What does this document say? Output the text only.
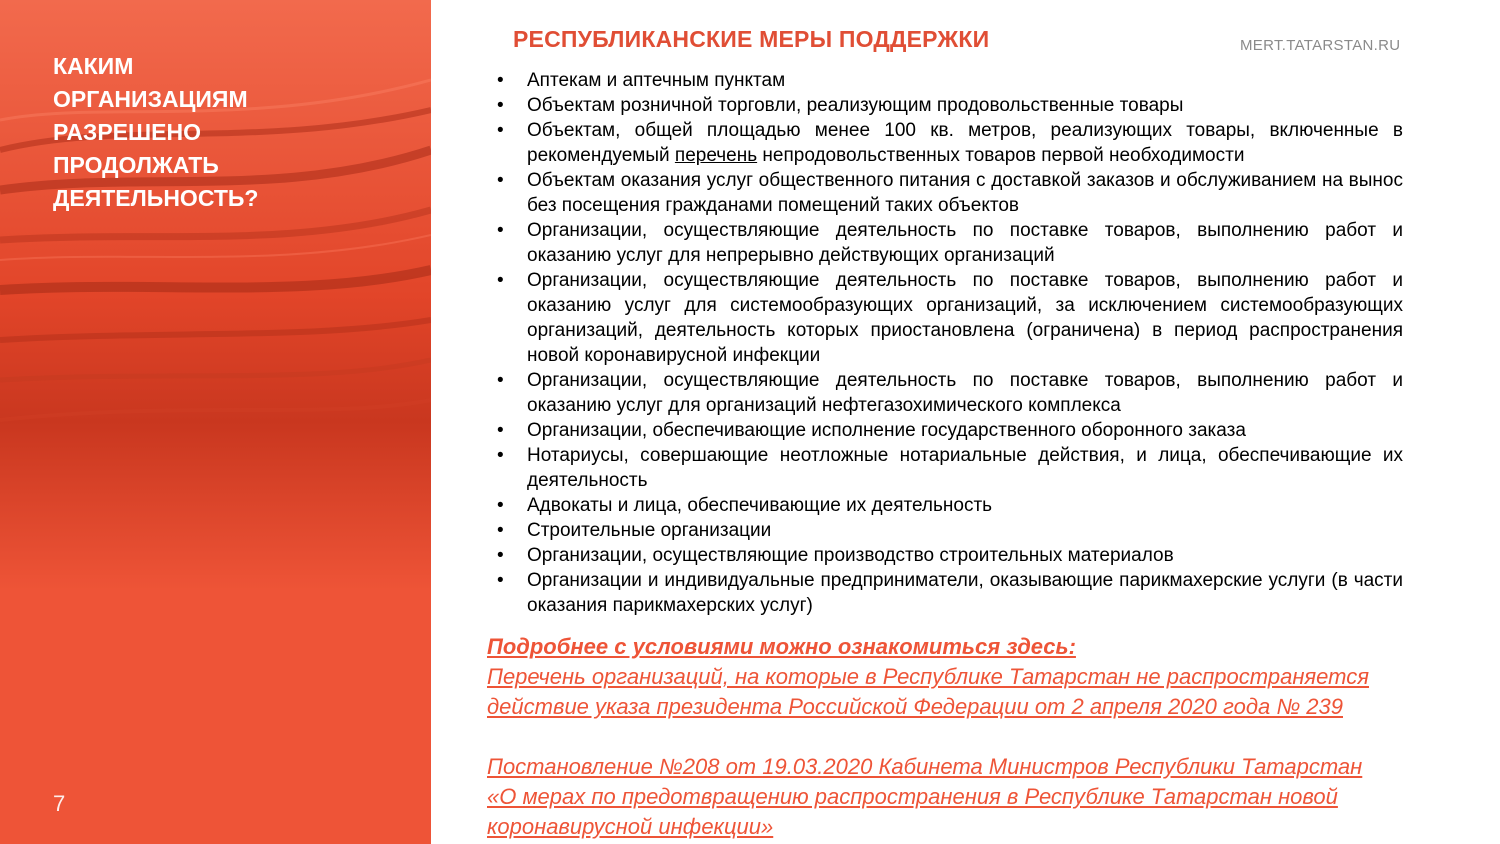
КАКИМ
ОРГАНИЗАЦИЯМ
РАЗРЕШЕНО
ПРОДОЛЖАТЬ
ДЕЯТЕЛЬНОСТЬ?
7
РЕСПУБЛИКАНСКИЕ МЕРЫ ПОДДЕРЖКИ	MERT.TATARSTAN.RU
• Аптекам и аптечным пунктам
• Объектам розничной торговли, реализующим продовольственные товары
• Объектам, общей площадью менее 100 кв. метров, реализующих товары, включенные в рекомендуемый перечень непродовольственных товаров первой необходимости
• Объектам оказания услуг общественного питания с доставкой заказов и обслуживанием на вынос без посещения гражданами помещений таких объектов
• Организации, осуществляющие деятельность по поставке товаров, выполнению работ и оказанию услуг для непрерывно действующих организаций
• Организации, осуществляющие деятельность по поставке товаров, выполнению работ и оказанию услуг для системообразующих организаций, за исключением системообразующих организаций, деятельность которых приостановлена (ограничена) в период распространения новой коронавирусной инфекции
• Организации, осуществляющие деятельность по поставке товаров, выполнению работ и оказанию услуг для организаций нефтегазохимического комплекса
• Организации, обеспечивающие исполнение государственного оборонного заказа
• Нотариусы, совершающие неотложные нотариальные действия, и лица, обеспечивающие их деятельность
• Адвокаты и лица, обеспечивающие их деятельность
• Строительные организации
• Организации, осуществляющие производство строительных материалов
• Организации и индивидуальные предприниматели, оказывающие парикмахерские услуги (в части оказания парикмахерских услуг)
Подробнее с условиями можно ознакомиться здесь:
Перечень организаций, на которые в Республике Татарстан не распространяется
действие указа президента Российской Федерации от 2 апреля 2020 года № 239
Постановление №208 от 19.03.2020 Кабинета Министров Республики Татарстан
«О мерах по предотвращению распространения в Республике Татарстан новой
коронавирусной инфекции»
